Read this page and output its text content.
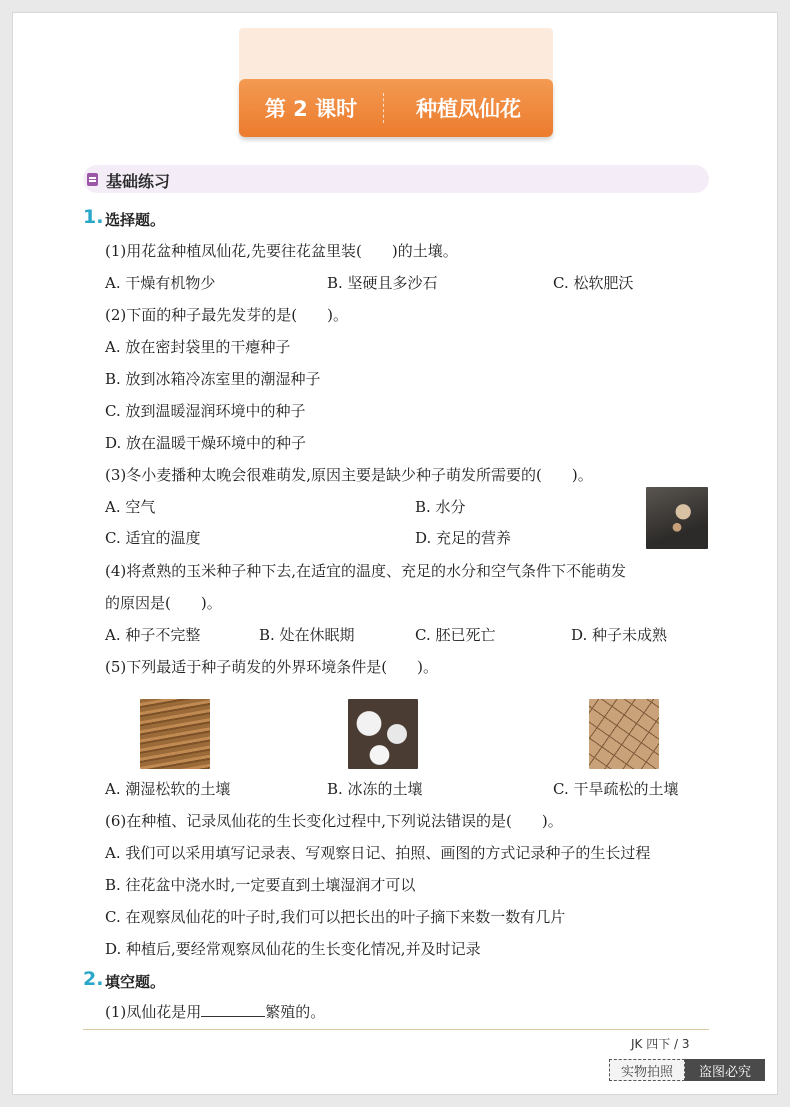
第 2 课时	种植凤仙花
基础练习
1. 选择题。
(1)用花盆种植凤仙花,先要往花盆里装(　　)的土壤。
A. 干燥有机物少	B. 坚硬且多沙石	C. 松软肥沃
(2)下面的种子最先发芽的是(　　)。
A. 放在密封袋里的干瘪种子
B. 放到冰箱冷冻室里的潮湿种子
C. 放到温暖湿润环境中的种子
D. 放在温暖干燥环境中的种子
(3)冬小麦播种太晚会很难萌发,原因主要是缺少种子萌发所需要的(　　)。
A. 空气	B. 水分
C. 适宜的温度	D. 充足的营养
(4)将煮熟的玉米种子种下去,在适宜的温度、充足的水分和空气条件下不能萌发
的原因是(　　)。
A. 种子不完整	B. 处在休眠期	C. 胚已死亡	D. 种子未成熟
(5)下列最适于种子萌发的外界环境条件是(　　)。
A. 潮湿松软的土壤	B. 冰冻的土壤	C. 干旱疏松的土壤
(6)在种植、记录凤仙花的生长变化过程中,下列说法错误的是(　　)。
A. 我们可以采用填写记录表、写观察日记、拍照、画图的方式记录种子的生长过程
B. 往花盆中浇水时,一定要直到土壤湿润才可以
C. 在观察凤仙花的叶子时,我们可以把长出的叶子摘下来数一数有几片
D. 种植后,要经常观察凤仙花的生长变化情况,并及时记录
2. 填空题。
(1)凤仙花是用	繁殖的。
JK 四下 / 3
实物拍照	盗图必究
